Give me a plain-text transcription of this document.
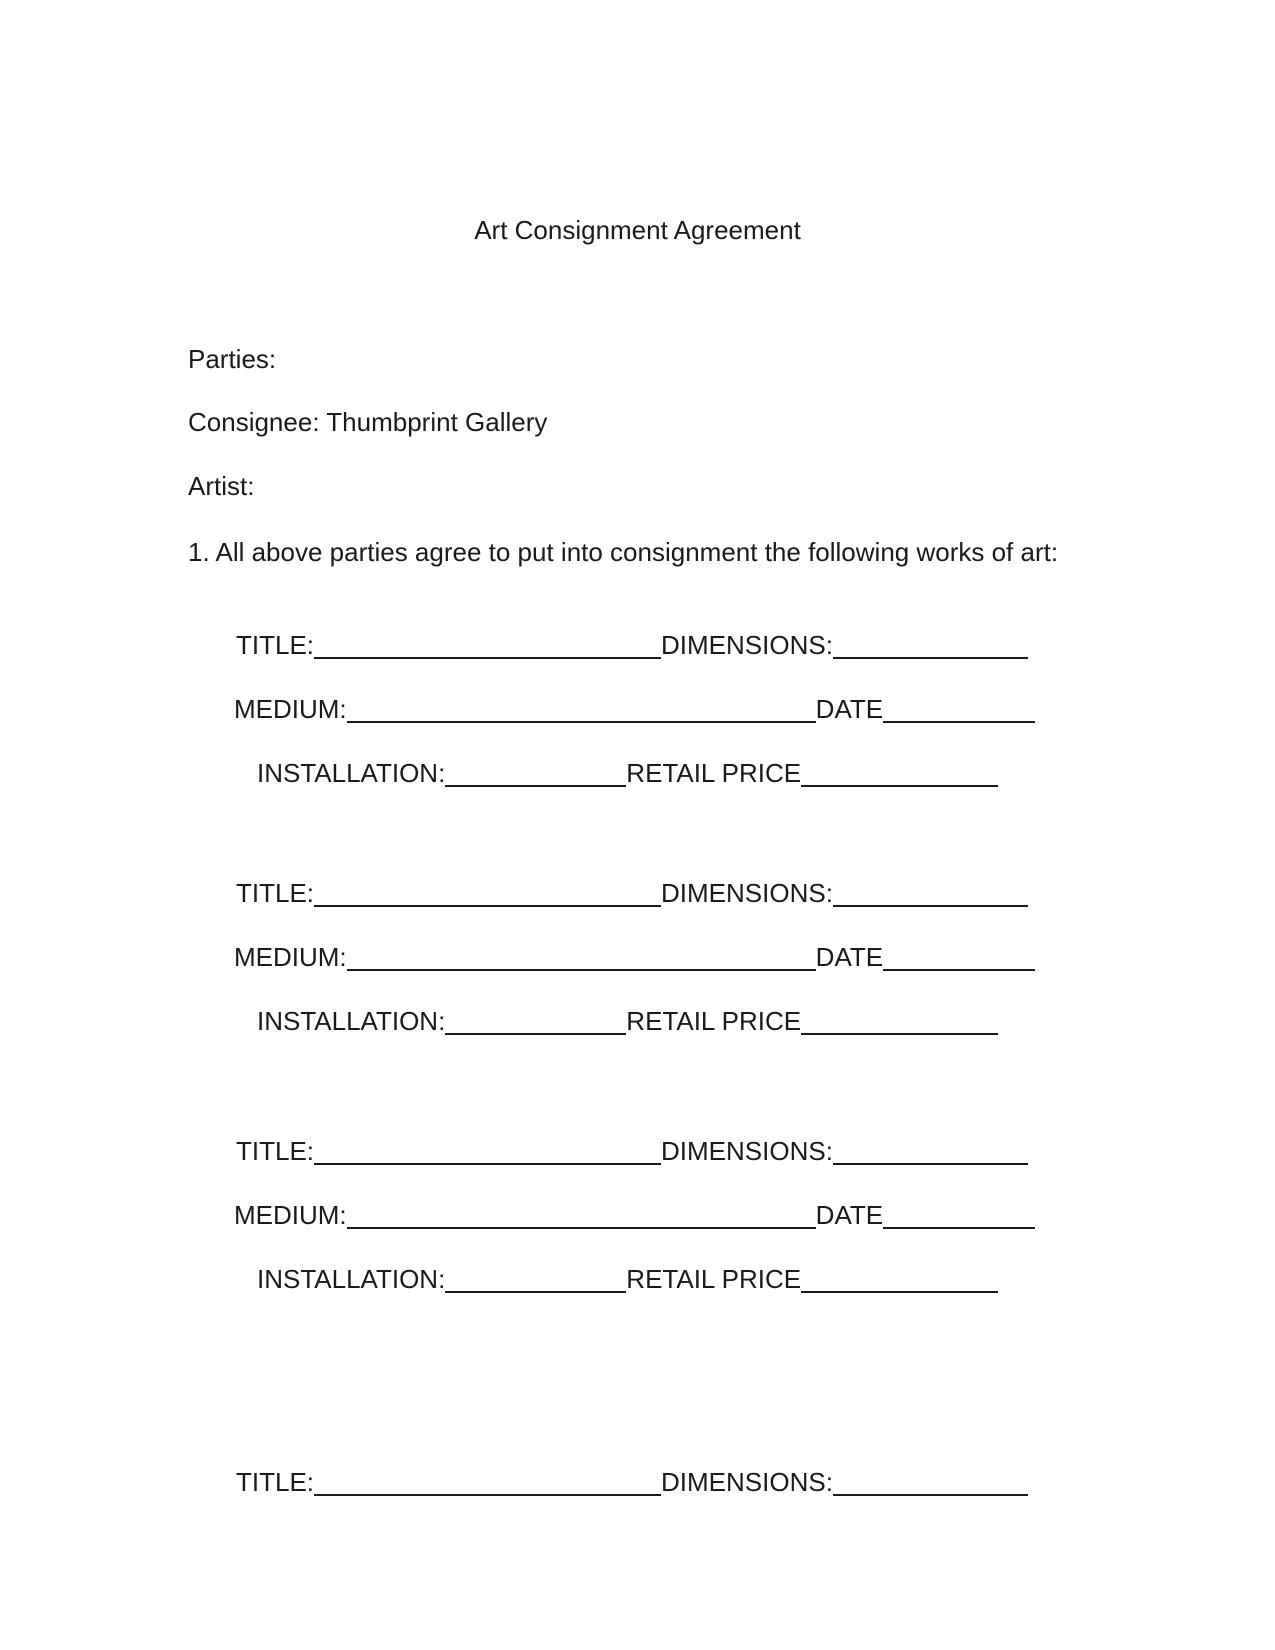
Art Consignment Agreement
Parties:
Consignee: Thumbprint Gallery
Artist:
1. All above parties agree to put into consignment the following works of art:
TITLE:	DIMENSIONS:
MEDIUM:	DATE
INSTALLATION:	RETAIL PRICE
TITLE:	DIMENSIONS:
MEDIUM:	DATE
INSTALLATION:	RETAIL PRICE
TITLE:	DIMENSIONS:
MEDIUM:	DATE
INSTALLATION:	RETAIL PRICE
TITLE:	DIMENSIONS:
